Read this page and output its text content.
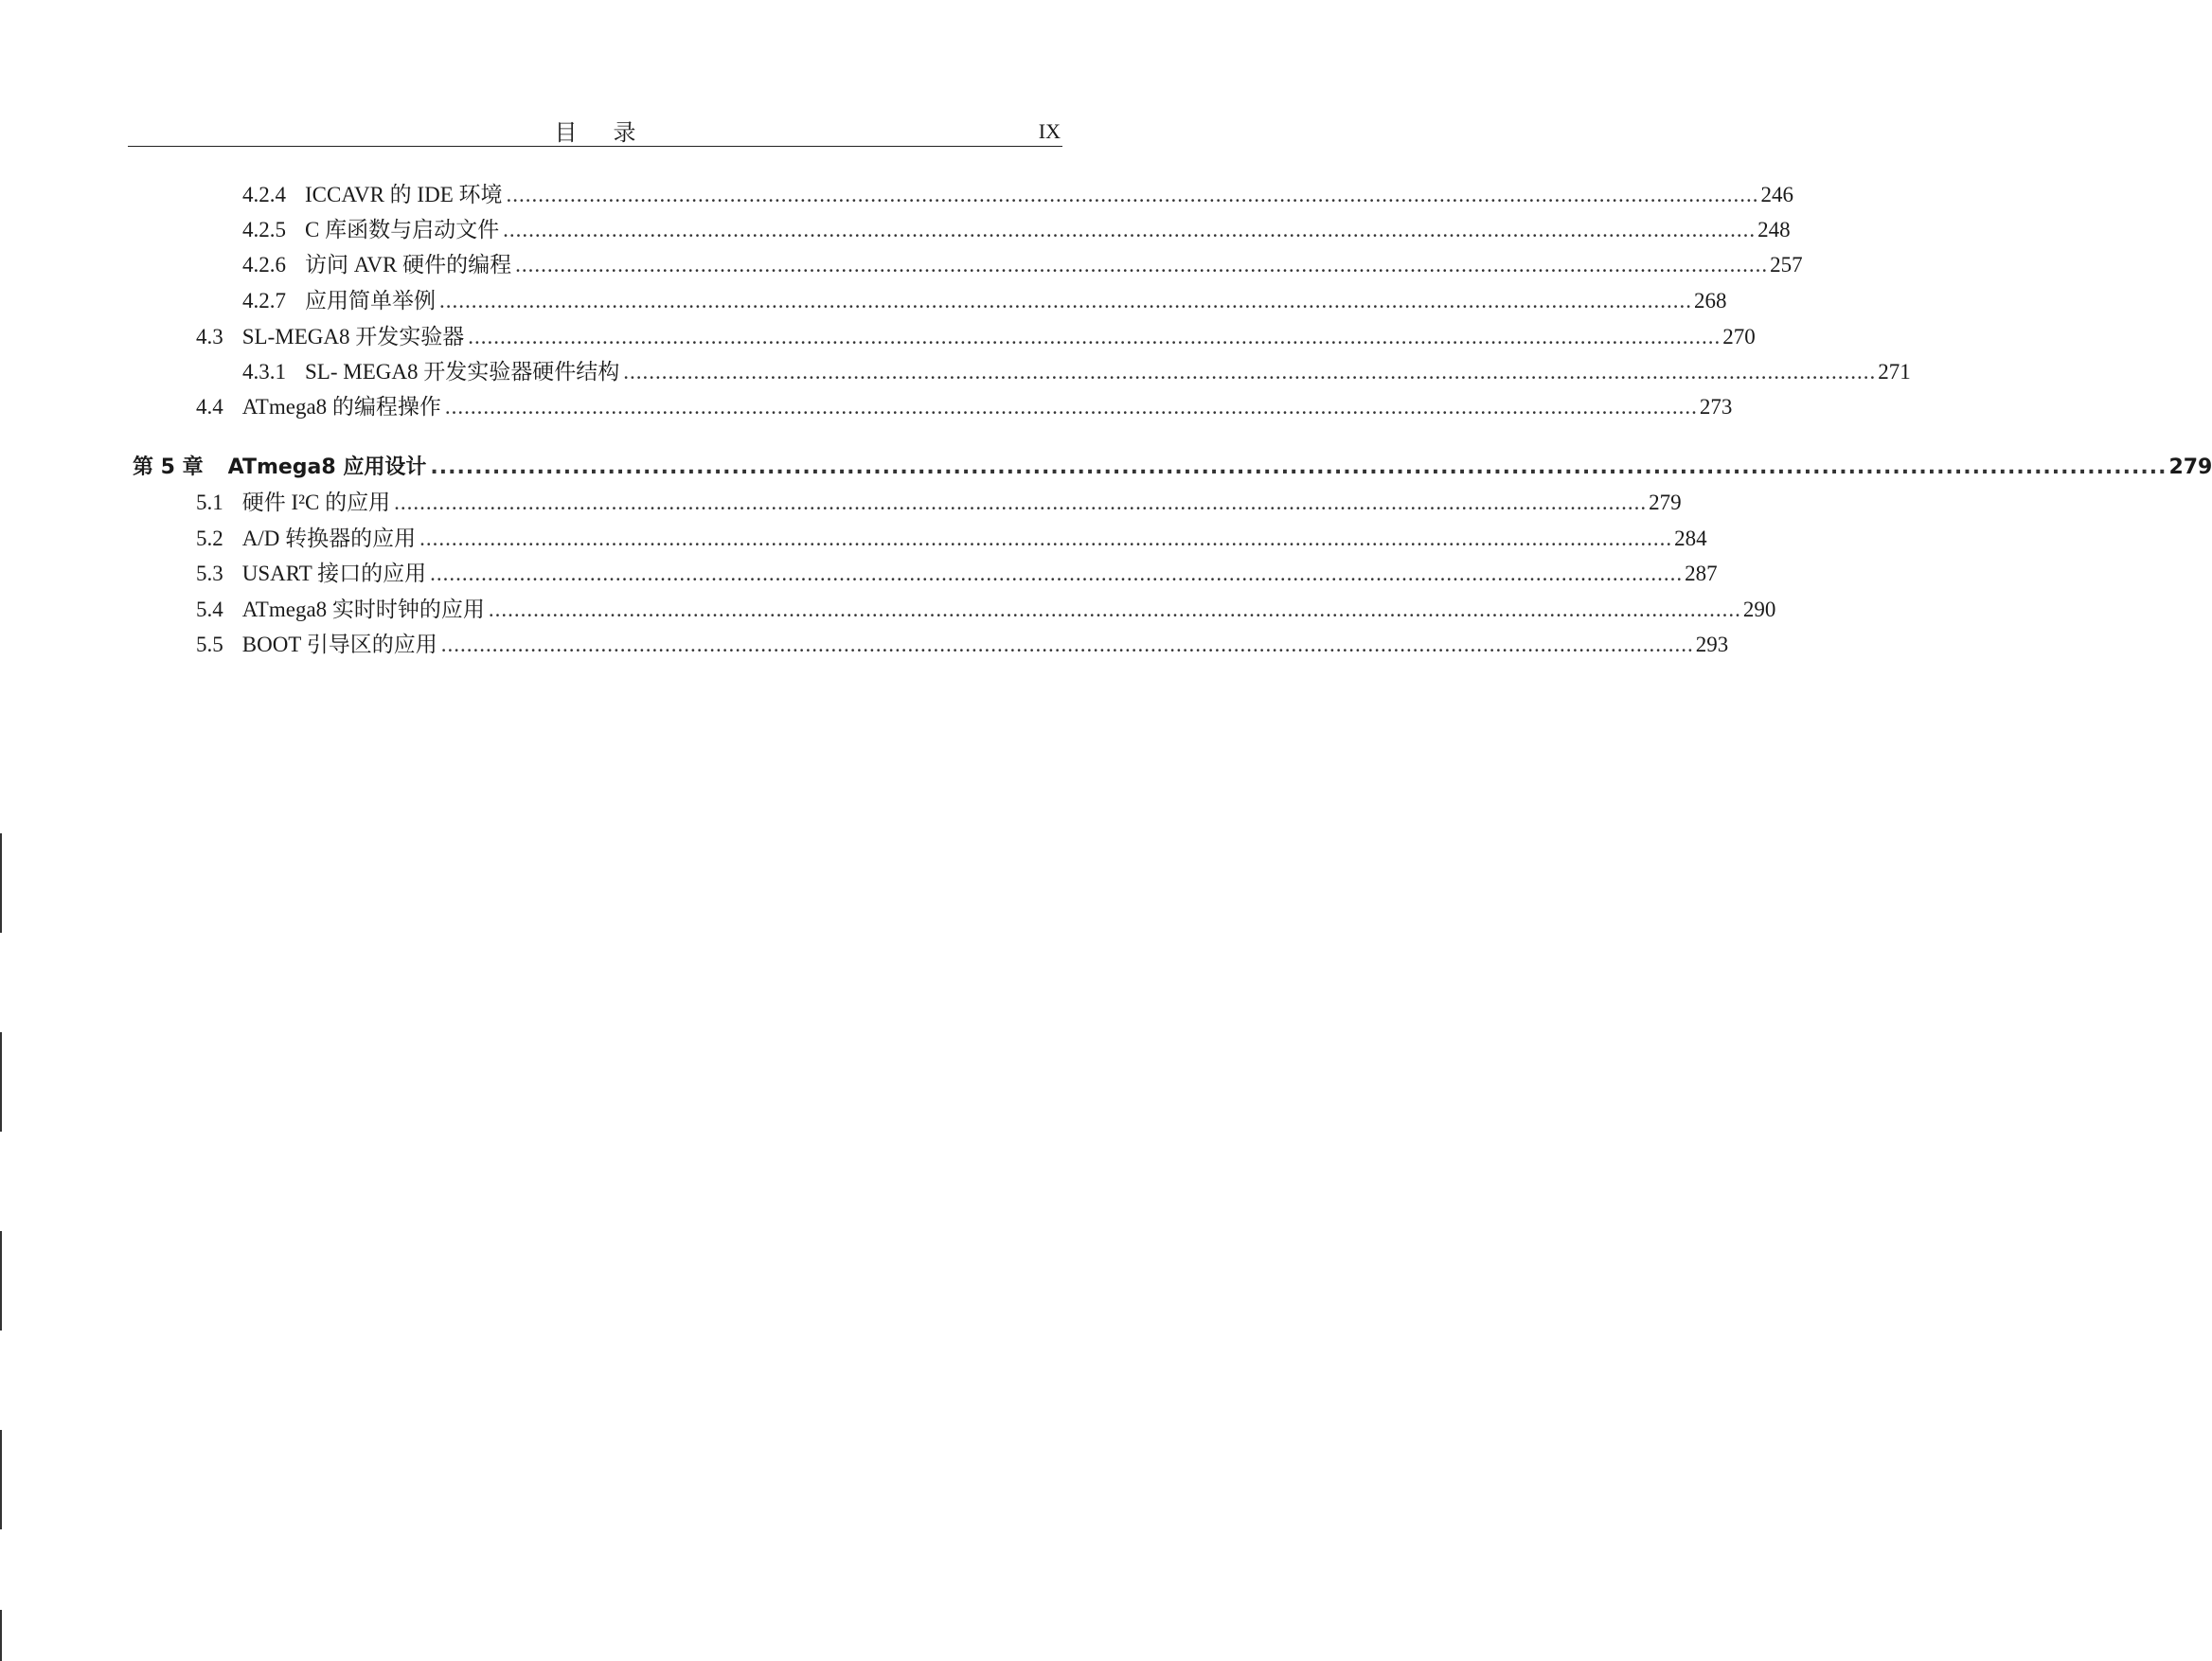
目录	IX
4.2.4 ICCAVR 的 IDE 环境 .................................................................................................................................................................................................... 246
4.2.5 C 库函数与启动文件 .................................................................................................................................................................................................... 248
4.2.6 访问 AVR 硬件的编程 .................................................................................................................................................................................................... 257
4.2.7 应用简单举例 .................................................................................................................................................................................................... 268
4.3 SL-MEGA8 开发实验器 .................................................................................................................................................................................................... 270
4.3.1 SL- MEGA8 开发实验器硬件结构 .................................................................................................................................................................................................... 271
4.4 ATmega8 的编程操作 .................................................................................................................................................................................................... 273
第 5 章 ATmega8 应用设计 .................................................................................................................................................................................................... 279
5.1 硬件 I²C 的应用 .................................................................................................................................................................................................... 279
5.2 A/D 转换器的应用 .................................................................................................................................................................................................... 284
5.3 USART 接口的应用 .................................................................................................................................................................................................... 287
5.4 ATmega8 实时时钟的应用 .................................................................................................................................................................................................... 290
5.5 BOOT 引导区的应用 .................................................................................................................................................................................................... 293
